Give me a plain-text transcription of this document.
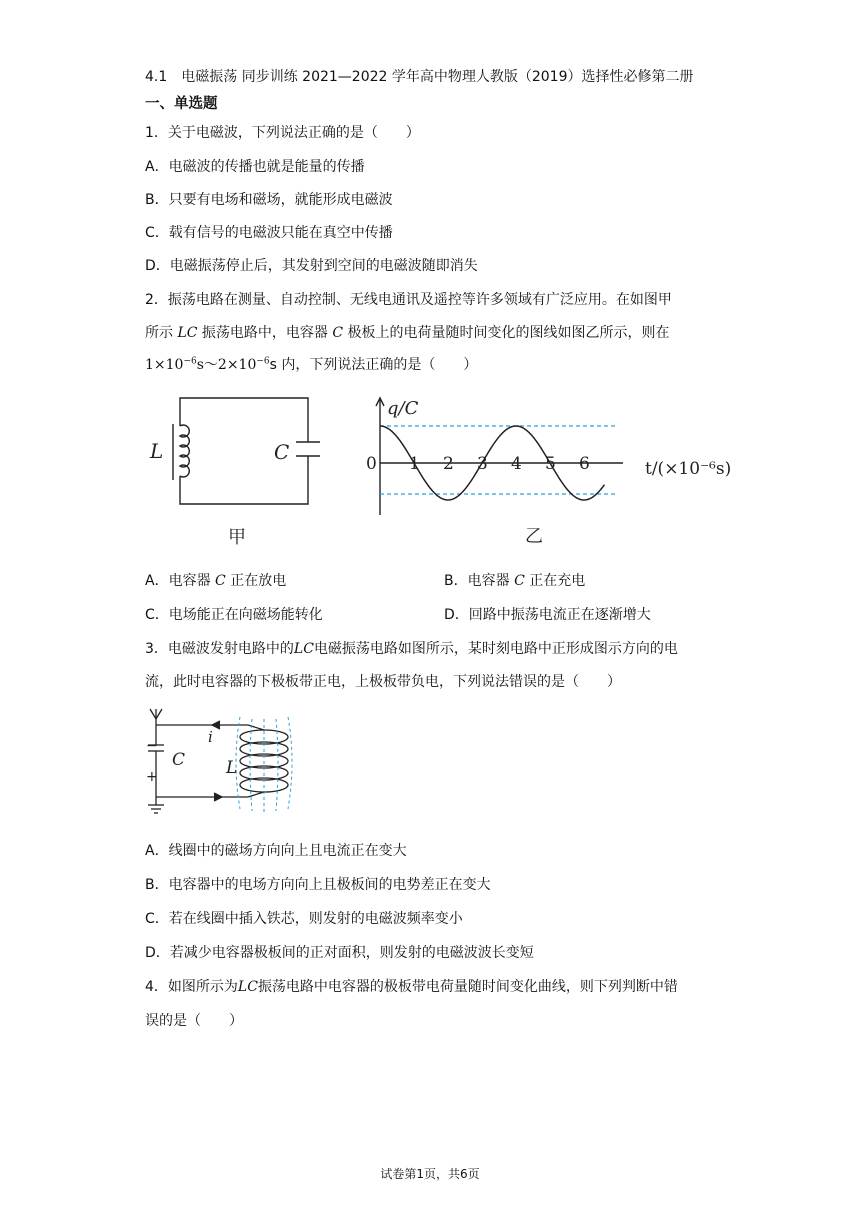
4.1　电磁振荡 同步训练 2021—2022 学年高中物理人教版（2019）选择性必修第二册
一、单选题
1．关于电磁波，下列说法正确的是（　　）
A．电磁波的传播也就是能量的传播
B．只要有电场和磁场，就能形成电磁波
C．载有信号的电磁波只能在真空中传播
D．电磁振荡停止后，其发射到空间的电磁波随即消失
2．振荡电路在测量、自动控制、无线电通讯及遥控等许多领域有广泛应用。在如图甲
所示 LC 振荡电路中，电容器 C 极板上的电荷量随时间变化的图线如图乙所示，则在
$1\times 10^{-6}s\sim 2\times 10^{-6}s$ 内，下列说法正确的是（　　）
L	C
甲
0 1 2 3 4 5 6
q/C
t/(×10⁻⁶s)
乙
A．电容器 C 正在放电	B．电容器 C 正在充电
C．电场能正在向磁场能转化	D．回路中振荡电流正在逐渐增大
3．电磁波发射电路中的LC电磁振荡电路如图所示，某时刻电路中正形成图示方向的电
流，此时电容器的下极板带正电，上极板带负电，下列说法错误的是（　　）
−
+
C
i
L
A．线圈中的磁场方向向上且电流正在变大
B．电容器中的电场方向向上且极板间的电势差正在变大
C．若在线圈中插入铁芯，则发射的电磁波频率变小
D．若减少电容器极板间的正对面积，则发射的电磁波波长变短
4．如图所示为LC振荡电路中电容器的极板带电荷量随时间变化曲线，则下列判断中错
误的是（　　）
试卷第1页，共6页
